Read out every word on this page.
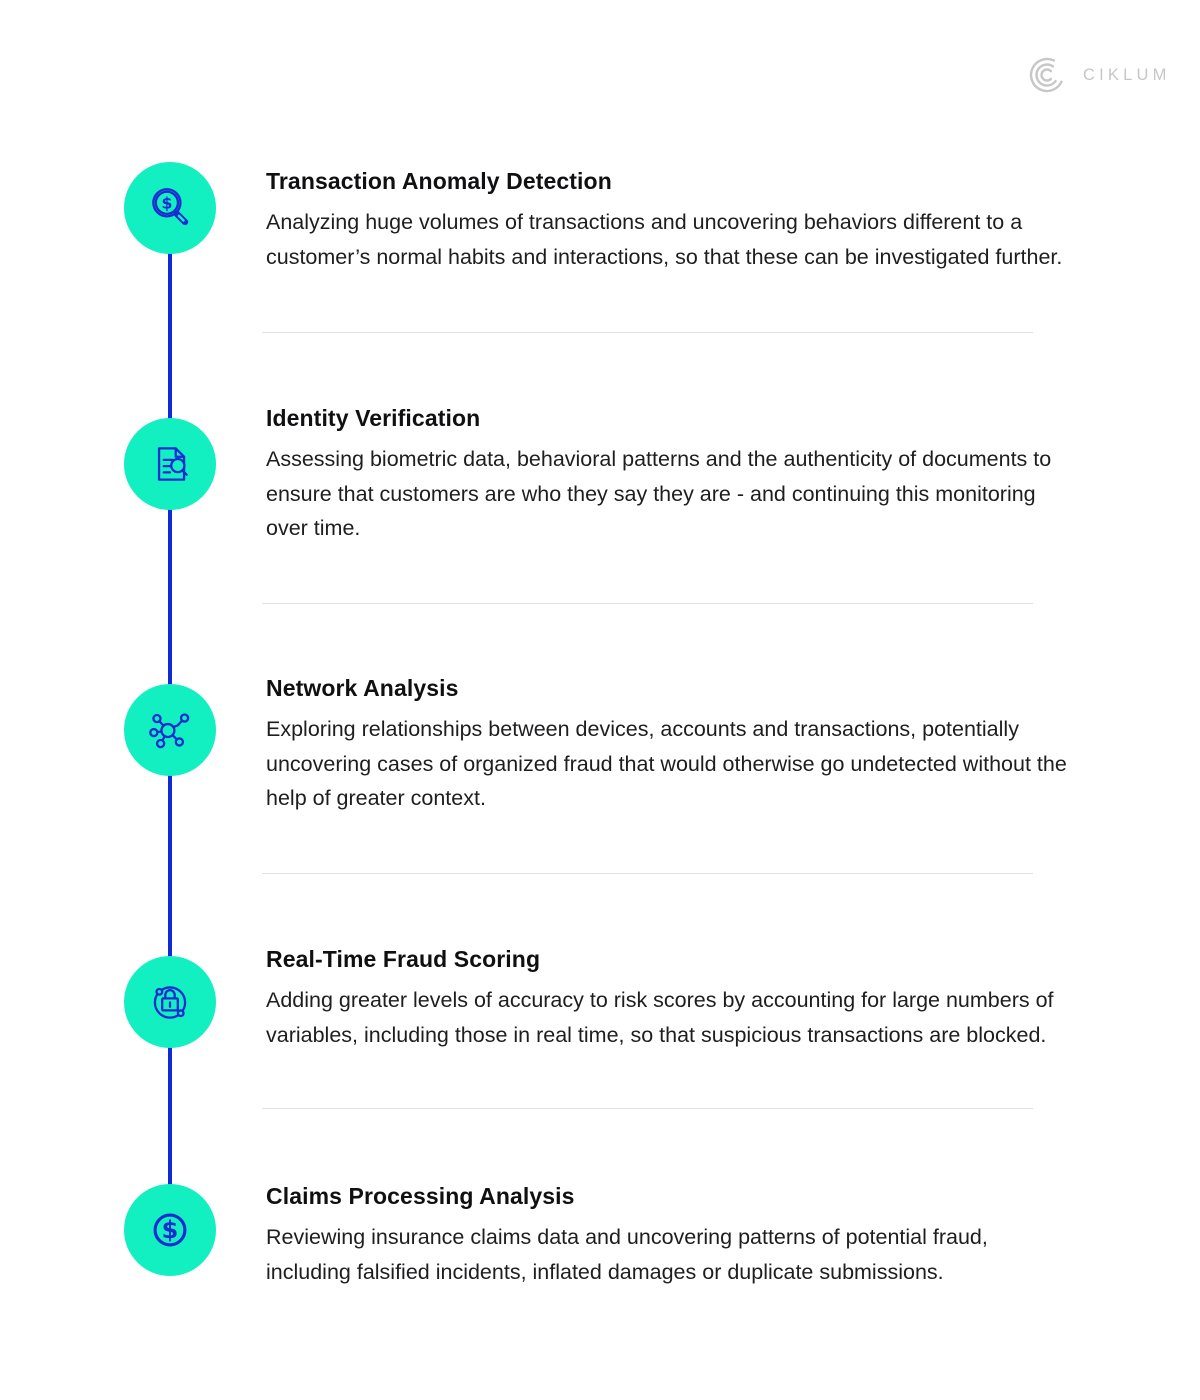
CIKLUM
$
$
Transaction Anomaly Detection

Analyzing huge volumes of transactions and uncovering behaviors different to a customer’s normal habits and interactions, so that these can be investigated further.

Identity Verification

Assessing biometric data, behavioral patterns and the authenticity of documents to ensure that customers are who they say they are - and continuing this monitoring over time.

Network Analysis

Exploring relationships between devices, accounts and transactions, potentially uncovering cases of organized fraud that would otherwise go undetected without the help of greater context.

Real-Time Fraud Scoring

Adding greater levels of accuracy to risk scores by accounting for large numbers of variables, including those in real time, so that suspicious transactions are blocked.

Claims Processing Analysis

Reviewing insurance claims data and uncovering patterns of potential fraud, including falsified incidents, inflated damages or duplicate submissions.
